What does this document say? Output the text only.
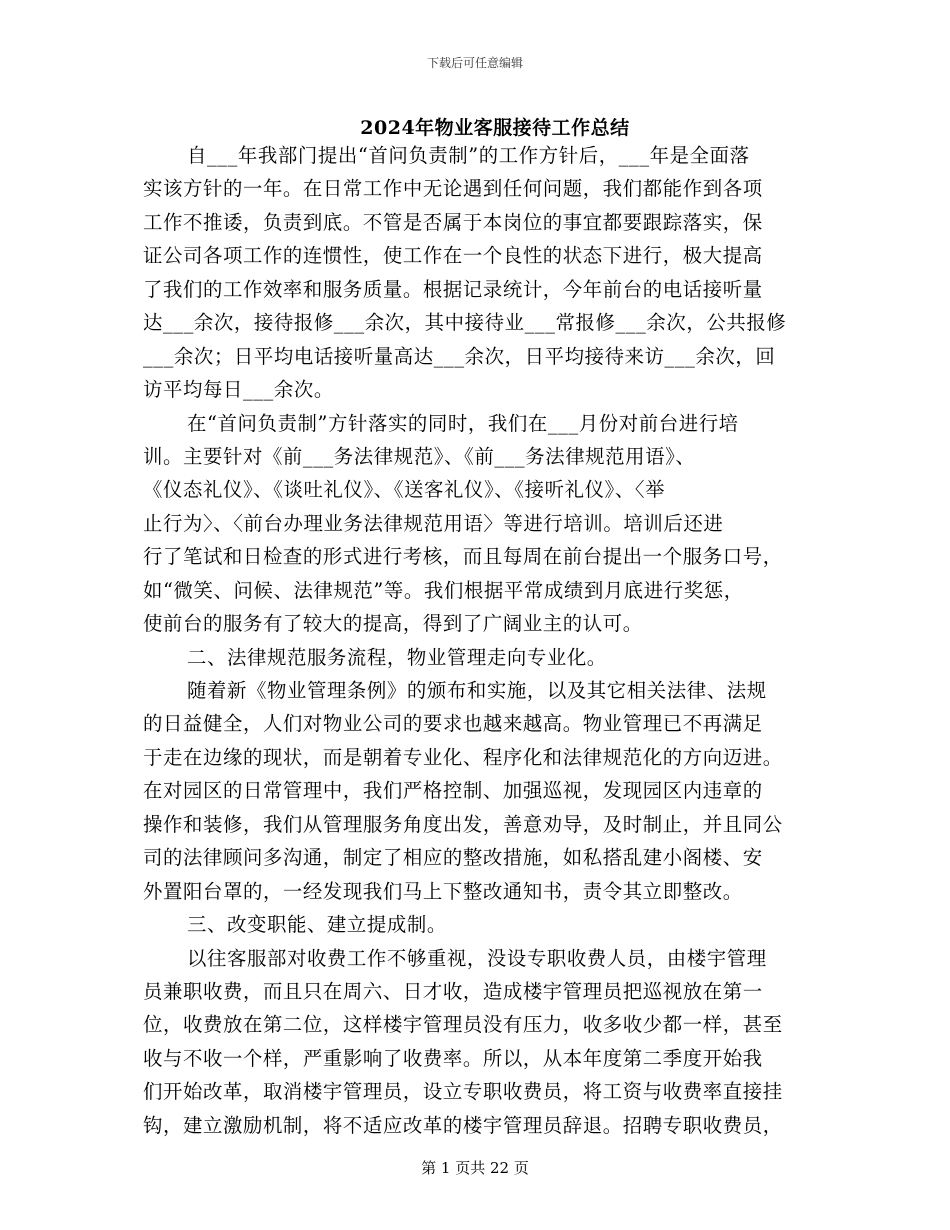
下载后可任意编辑
2024年物业客服接待工作总结
自___年我部门提出“首问负责制”的工作方针后，___年是全面落
实该方针的一年。在日常工作中无论遇到任何问题，我们都能作到各项
工作不推诿，负责到底。不管是否属于本岗位的事宜都要跟踪落实，保
证公司各项工作的连惯性，使工作在一个良性的状态下进行，极大提高
了我们的工作效率和服务质量。根据记录统计，今年前台的电话接听量
达___余次，接待报修___余次，其中接待业___常报修___余次，公共报修
___余次；日平均电话接听量高达___余次，日平均接待来访___余次，回
访平均每日___余次。
在“首问负责制”方针落实的同时，我们在___月份对前台进行培
训。主要针对《前___务法律规范》、《前___务法律规范用语》、
《仪态礼仪》、《谈吐礼仪》、《送客礼仪》、《接听礼仪》、〈举
止行为〉、〈前台办理业务法律规范用语〉等进行培训。培训后还进
行了笔试和日检查的形式进行考核，而且每周在前台提出一个服务口号，
如“微笑、问候、法律规范”等。我们根据平常成绩到月底进行奖惩，
使前台的服务有了较大的提高，得到了广阔业主的认可。
二、法律规范服务流程，物业管理走向专业化。
随着新《物业管理条例》的颁布和实施，以及其它相关法律、法规
的日益健全，人们对物业公司的要求也越来越高。物业管理已不再满足
于走在边缘的现状，而是朝着专业化、程序化和法律规范化的方向迈进。
在对园区的日常管理中，我们严格控制、加强巡视，发现园区内违章的
操作和装修，我们从管理服务角度出发，善意劝导，及时制止，并且同公
司的法律顾问多沟通，制定了相应的整改措施，如私搭乱建小阁楼、安
外置阳台罩的，一经发现我们马上下整改通知书，责令其立即整改。
三、改变职能、建立提成制。
以往客服部对收费工作不够重视，没设专职收费人员，由楼宇管理
员兼职收费，而且只在周六、日才收，造成楼宇管理员把巡视放在第一
位，收费放在第二位，这样楼宇管理员没有压力，收多收少都一样，甚至
收与不收一个样，严重影响了收费率。所以，从本年度第二季度开始我
们开始改革，取消楼宇管理员，设立专职收费员，将工资与收费率直接挂
钩，建立激励机制，将不适应改革的楼宇管理员辞退。招聘专职收费员，
第 1 页共 22 页
